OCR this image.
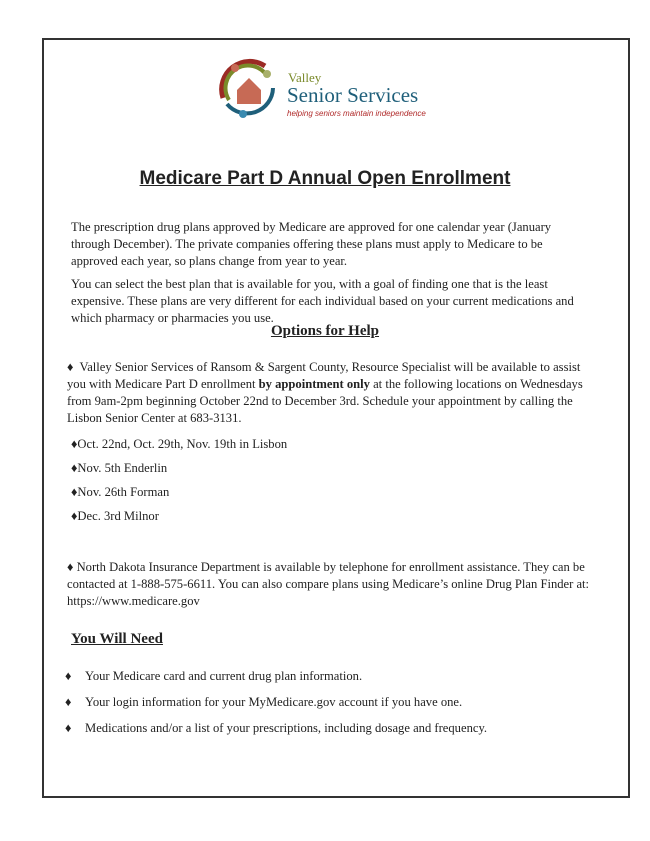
Valley
Senior Services
helping seniors maintain independence
Medicare Part D Annual Open Enrollment

The prescription drug plans approved by Medicare are approved for one calendar year (January through December). The private companies offering these plans must apply to Medicare to be approved each year, so plans change from year to year.

You can select the best plan that is available for you, with a goal of finding one that is the least expensive. These plans are very different for each individual based on your current medications and which pharmacy or pharmacies you use.

Options for Help

♦ Valley Senior Services of Ransom & Sargent County, Resource Specialist will be available to assist you with Medicare Part D enrollment by appointment only at the following locations on Wednesdays from 9am-2pm beginning October 22nd to December 3rd. Schedule your appointment by calling the Lisbon Senior Center at 683-3131.

♦Oct. 22nd, Oct. 29th, Nov. 19th in Lisbon
♦Nov. 5th Enderlin
♦Nov. 26th Forman
♦Dec. 3rd Milnor

♦ North Dakota Insurance Department is available by telephone for enrollment assistance. They can be contacted at 1-888-575-6611. You can also compare plans using Medicare’s online Drug Plan Finder at: https://www.medicare.gov

You Will Need
♦ Your Medicare card and current drug plan information.
♦ Your login information for your MyMedicare.gov account if you have one.
♦ Medications and/or a list of your prescriptions, including dosage and frequency.
